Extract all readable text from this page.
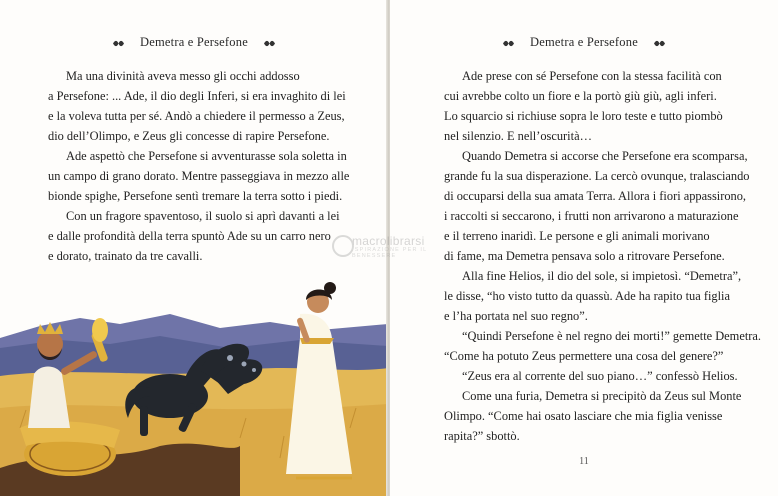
Demetra e Persefone
Ma una divinità aveva messo gli occhi addosso
a Persefone: ... Ade, il dio degli Inferi, si era invaghito di lei
e la voleva tutta per sé. Andò a chiedere il permesso a Zeus,
dio dell’Olimpo, e Zeus gli concesse di rapire Persefone.
Ade aspettò che Persefone si avventurasse sola soletta in
un campo di grano dorato. Mentre passeggiava in mezzo alle
bionde spighe, Persefone sentì tremare la terra sotto i piedi.
Con un fragore spaventoso, il suolo si aprì davanti a lei
e dalle profondità della terra spuntò Ade su un carro nero
e dorato, trainato da tre cavalli.
Demetra e Persefone
Ade prese con sé Persefone con la stessa facilità con
cui avrebbe colto un fiore e la portò giù giù, agli inferi.
Lo squarcio si richiuse sopra le loro teste e tutto piombò
nel silenzio. E nell’oscurità…
Quando Demetra si accorse che Persefone era scomparsa,
grande fu la sua disperazione. La cercò ovunque, tralasciando
di occuparsi della sua amata Terra. Allora i fiori appassirono,
i raccolti si seccarono, i frutti non arrivarono a maturazione
e il terreno inaridì. Le persone e gli animali morivano
di fame, ma Demetra pensava solo a ritrovare Persefone.
Alla fine Helios, il dio del sole, si impietosì. “Demetra”,
le disse, “ho visto tutto da quassù. Ade ha rapito tua figlia
e l’ha portata nel suo regno”.
“Quindi Persefone è nel regno dei morti!” gemette Demetra.
“Come ha potuto Zeus permettere una cosa del genere?”
“Zeus era al corrente del suo piano…” confessò Helios.
Come una furia, Demetra si precipitò da Zeus sul Monte
Olimpo. “Come hai osato lasciare che mia figlia venisse
rapita?” sbottò.
11
macrolibrarsi
ISPIRAZIONE PER IL BENESSERE
